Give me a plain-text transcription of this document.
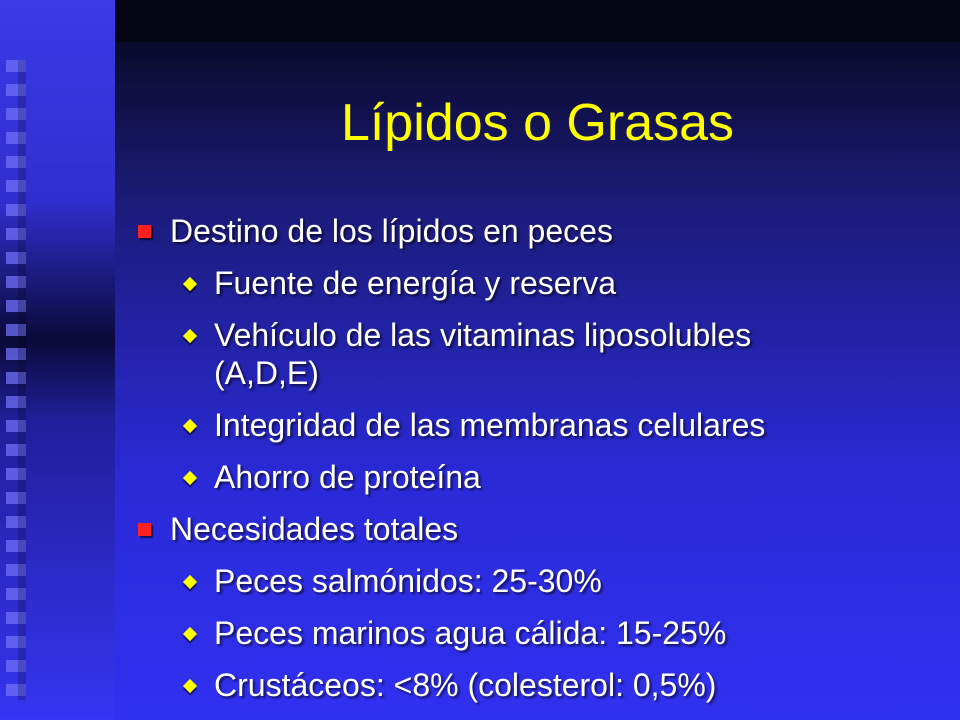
Lípidos o Grasas
Destino de los lípidos en peces
Fuente de energía y reserva
Vehículo de las vitaminas liposolubles
(A,D,E)
Integridad de las membranas celulares
Ahorro de proteína
Necesidades totales
Peces salmónidos: 25-30%
Peces marinos agua cálida: 15-25%
Crustáceos: <8% (colesterol: 0,5%)
